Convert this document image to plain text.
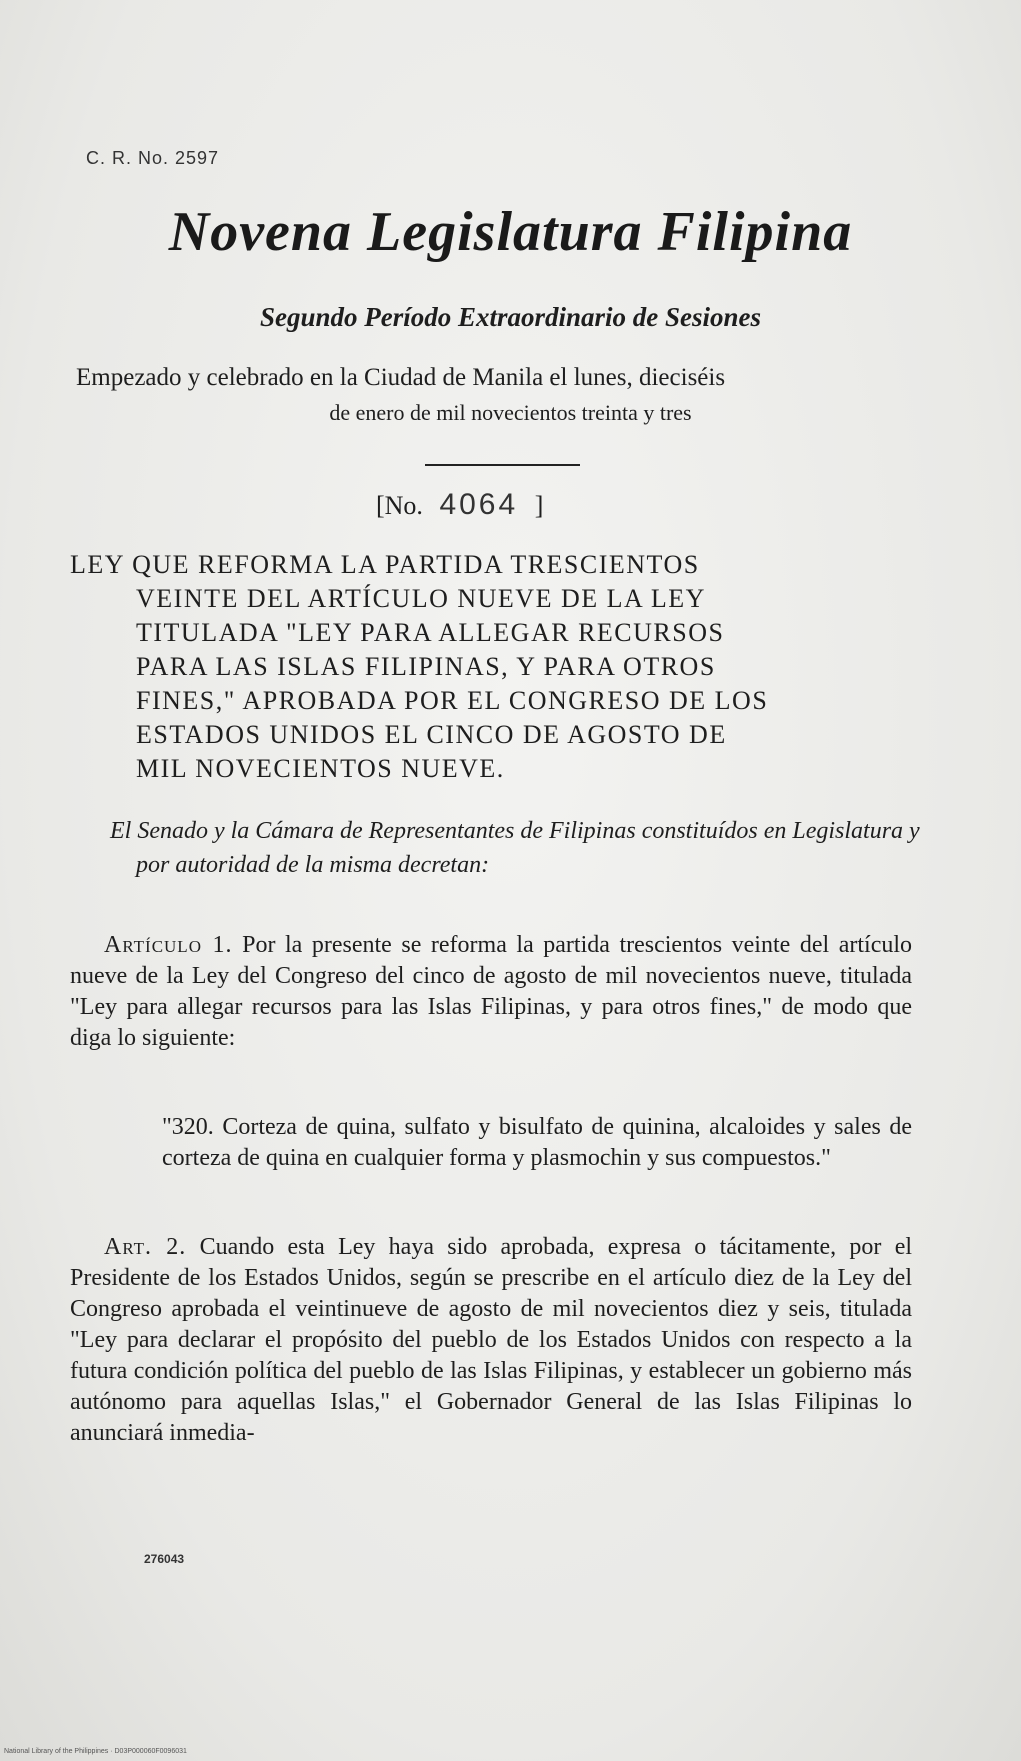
C. R. No. 2597
Novena Legislatura Filipina
Segundo Período Extraordinario de Sesiones
Empezado y celebrado en la Ciudad de Manila el lunes, dieciséis
de enero de mil novecientos treinta y tres
[No. 4064 ]
LEY QUE REFORMA LA PARTIDA TRESCIENTOS
VEINTE DEL ARTÍCULO NUEVE DE LA LEY
TITULADA "LEY PARA ALLEGAR RECURSOS
PARA LAS ISLAS FILIPINAS, Y PARA OTROS
FINES," APROBADA POR EL CONGRESO DE LOS
ESTADOS UNIDOS EL CINCO DE AGOSTO DE
MIL NOVECIENTOS NUEVE.
El Senado y la Cámara de Representantes de Filipinas constituídos en Legislatura y por autoridad de la misma decretan:
Artículo 1. Por la presente se reforma la partida trescientos veinte del artículo nueve de la Ley del Congreso del cinco de agosto de mil novecientos nueve, titulada "Ley para allegar recursos para las Islas Filipinas, y para otros fines," de modo que diga lo siguiente:
"320. Corteza de quina, sulfato y bisulfato de quinina, alcaloides y sales de corteza de quina en cualquier forma y plasmochin y sus compuestos."
Art. 2. Cuando esta Ley haya sido aprobada, expresa o tácitamente, por el Presidente de los Estados Unidos, según se prescribe en el artículo diez de la Ley del Congreso aprobada el veintinueve de agosto de mil novecientos diez y seis, titulada "Ley para declarar el propósito del pueblo de los Estados Unidos con respecto a la futura condición política del pueblo de las Islas Filipinas, y establecer un gobierno más autónomo para aquellas Islas," el Gobernador General de las Islas Filipinas lo anunciará inmedia-
276043
National Library of the Philippines · D03P000060F0096031
